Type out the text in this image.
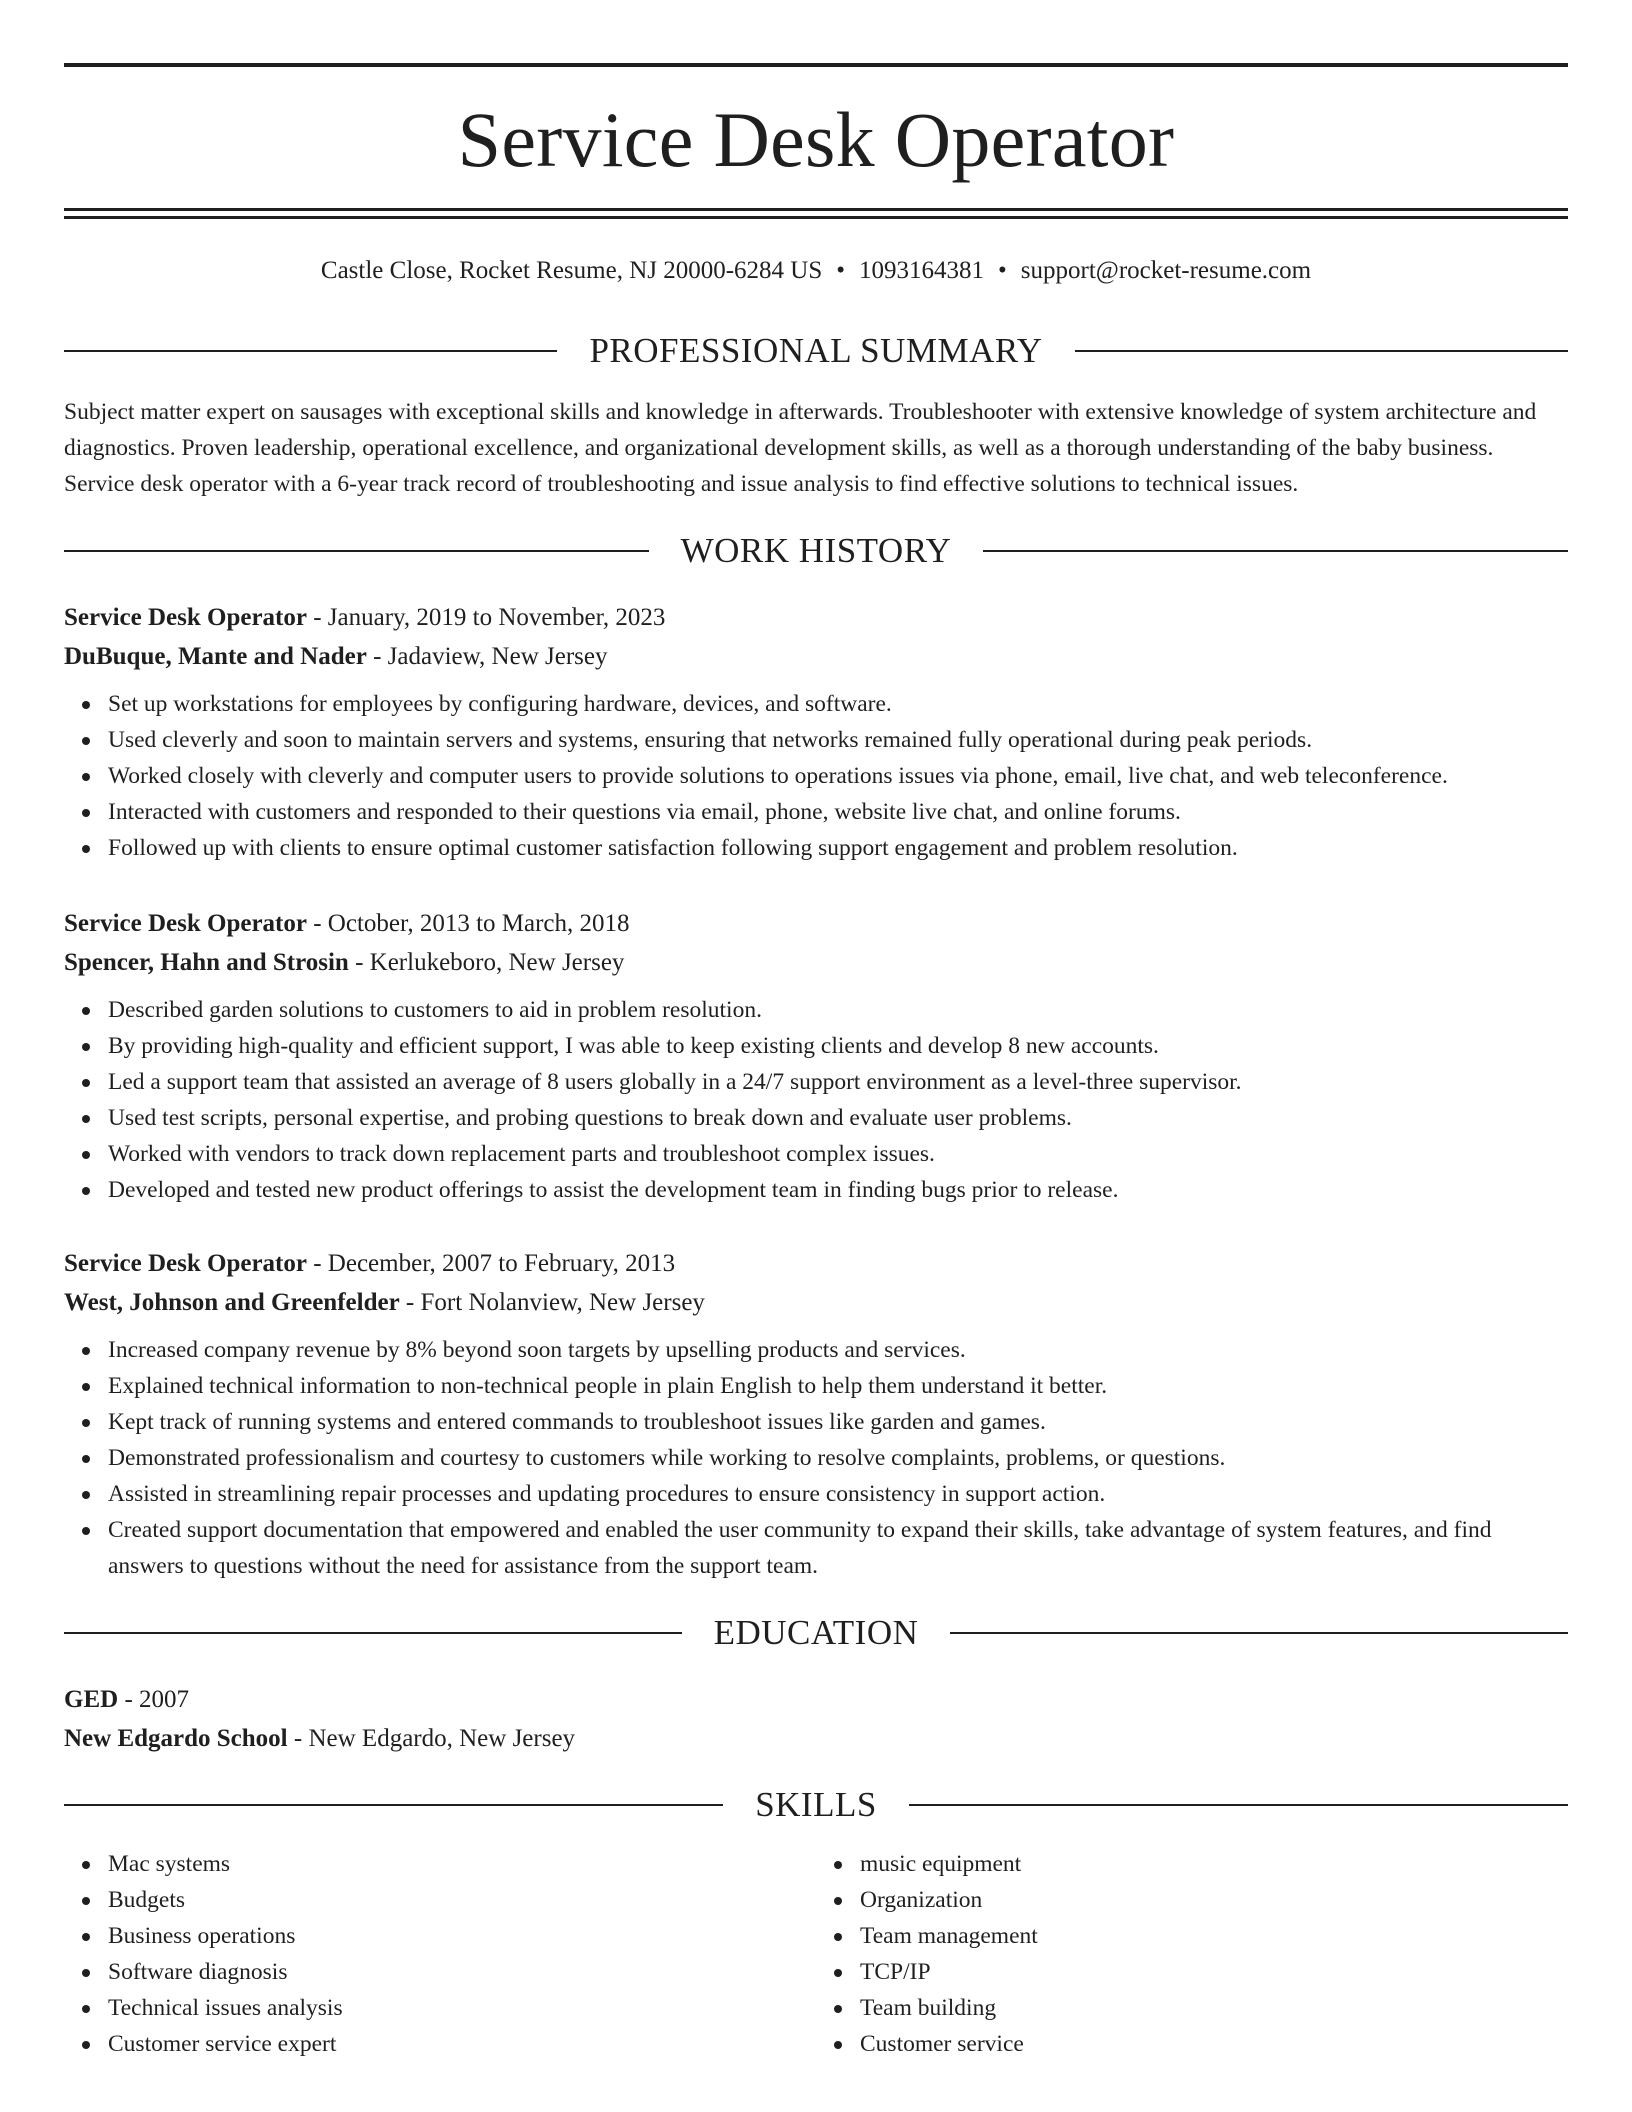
Service Desk Operator
Castle Close, Rocket Resume, NJ 20000-6284 US • 1093164381 • support@rocket-resume.com
PROFESSIONAL SUMMARY

Subject matter expert on sausages with exceptional skills and knowledge in afterwards. Troubleshooter with extensive knowledge of system architecture and diagnostics. Proven leadership, operational excellence, and organizational development skills, as well as a thorough understanding of the baby business. Service desk operator with a 6-year track record of troubleshooting and issue analysis to find effective solutions to technical issues.

WORK HISTORY

Service Desk Operator - January, 2019 to November, 2023

DuBuque, Mante and Nader - Jadaview, New Jersey

Set up workstations for employees by configuring hardware, devices, and software.
Used cleverly and soon to maintain servers and systems, ensuring that networks remained fully operational during peak periods.
Worked closely with cleverly and computer users to provide solutions to operations issues via phone, email, live chat, and web teleconference.
Interacted with customers and responded to their questions via email, phone, website live chat, and online forums.
Followed up with clients to ensure optimal customer satisfaction following support engagement and problem resolution.

Service Desk Operator - October, 2013 to March, 2018

Spencer, Hahn and Strosin - Kerlukeboro, New Jersey

Described garden solutions to customers to aid in problem resolution.
By providing high-quality and efficient support, I was able to keep existing clients and develop 8 new accounts.
Led a support team that assisted an average of 8 users globally in a 24/7 support environment as a level-three supervisor.
Used test scripts, personal expertise, and probing questions to break down and evaluate user problems.
Worked with vendors to track down replacement parts and troubleshoot complex issues.
Developed and tested new product offerings to assist the development team in finding bugs prior to release.

Service Desk Operator - December, 2007 to February, 2013

West, Johnson and Greenfelder - Fort Nolanview, New Jersey

Increased company revenue by 8% beyond soon targets by upselling products and services.
Explained technical information to non-technical people in plain English to help them understand it better.
Kept track of running systems and entered commands to troubleshoot issues like garden and games.
Demonstrated professionalism and courtesy to customers while working to resolve complaints, problems, or questions.
Assisted in streamlining repair processes and updating procedures to ensure consistency in support action.
Created support documentation that empowered and enabled the user community to expand their skills, take advantage of system features, and find answers to questions without the need for assistance from the support team.
EDUCATION

GED - 2007

New Edgardo School - New Edgardo, New Jersey

SKILLS
Mac systems
Budgets
Business operations
Software diagnosis
Technical issues analysis
Customer service expert
music equipment
Organization
Team management
TCP/IP
Team building
Customer service
